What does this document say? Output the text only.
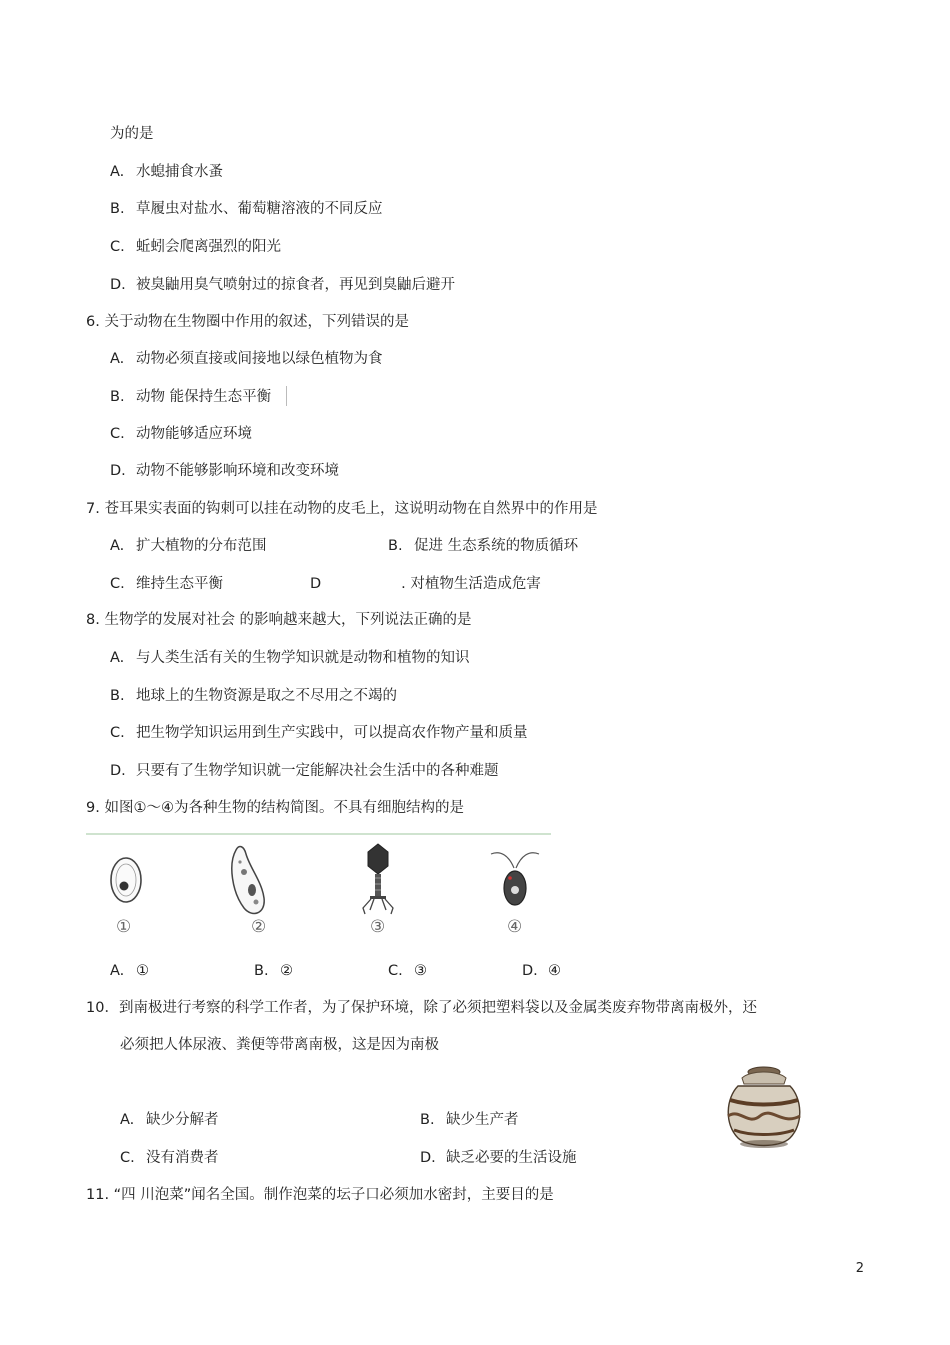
为的是
A. 水螅捕食水蚤
B. 草履虫对盐水、葡萄糖溶液的不同反应
C. 蚯蚓会爬离强烈的阳光
D. 被臭鼬用臭气喷射过的掠食者，再见到臭鼬后避开
6. 关于动物在生物圈中作用的叙述，下列错误的是
A. 动物必须直接或间接地以绿色植物为食
B. 动物 能保持生态平衡
C. 动物能够适应环境
D. 动物不能够影响环境和改变环境
7. 苍耳果实表面的钩刺可以挂在动物的皮毛上，这说明动物在自然界中的作用是
A. 扩大植物的分布范围	B. 促进 生态系统的物质循环
C. 维持生态平衡	D	. 对植物生活造成危害
8. 生物学的发展对社会 的影响越来越大，下列说法正确的是
A. 与人类生活有关的生物学知识就是动物和植物的知识
B. 地球上的生物资源是取之不尽用之不竭的
C. 把生物学知识运用到生产实践中，可以提高农作物产量和质量
D. 只要有了生物学知识就一定能解决社会生活中的各种难题
9. 如图①～④为各种生物的结构简图。不具有细胞结构的是
①	②	③	④
A. ①	B. ②	C. ③	D. ④
10．到南极进行考察的科学工作者，为了保护环境，除了必须把塑料袋以及金属类废弃物带离南极外，还
必须把人体尿液、粪便等带离南极，这是因为南极
A. 缺少分解者	B. 缺少生产者
C. 没有消费者	D. 缺乏必要的生活设施
11. “四 川泡菜”闻名全国。制作泡菜的坛子口必须加水密封，主要目的是
2
